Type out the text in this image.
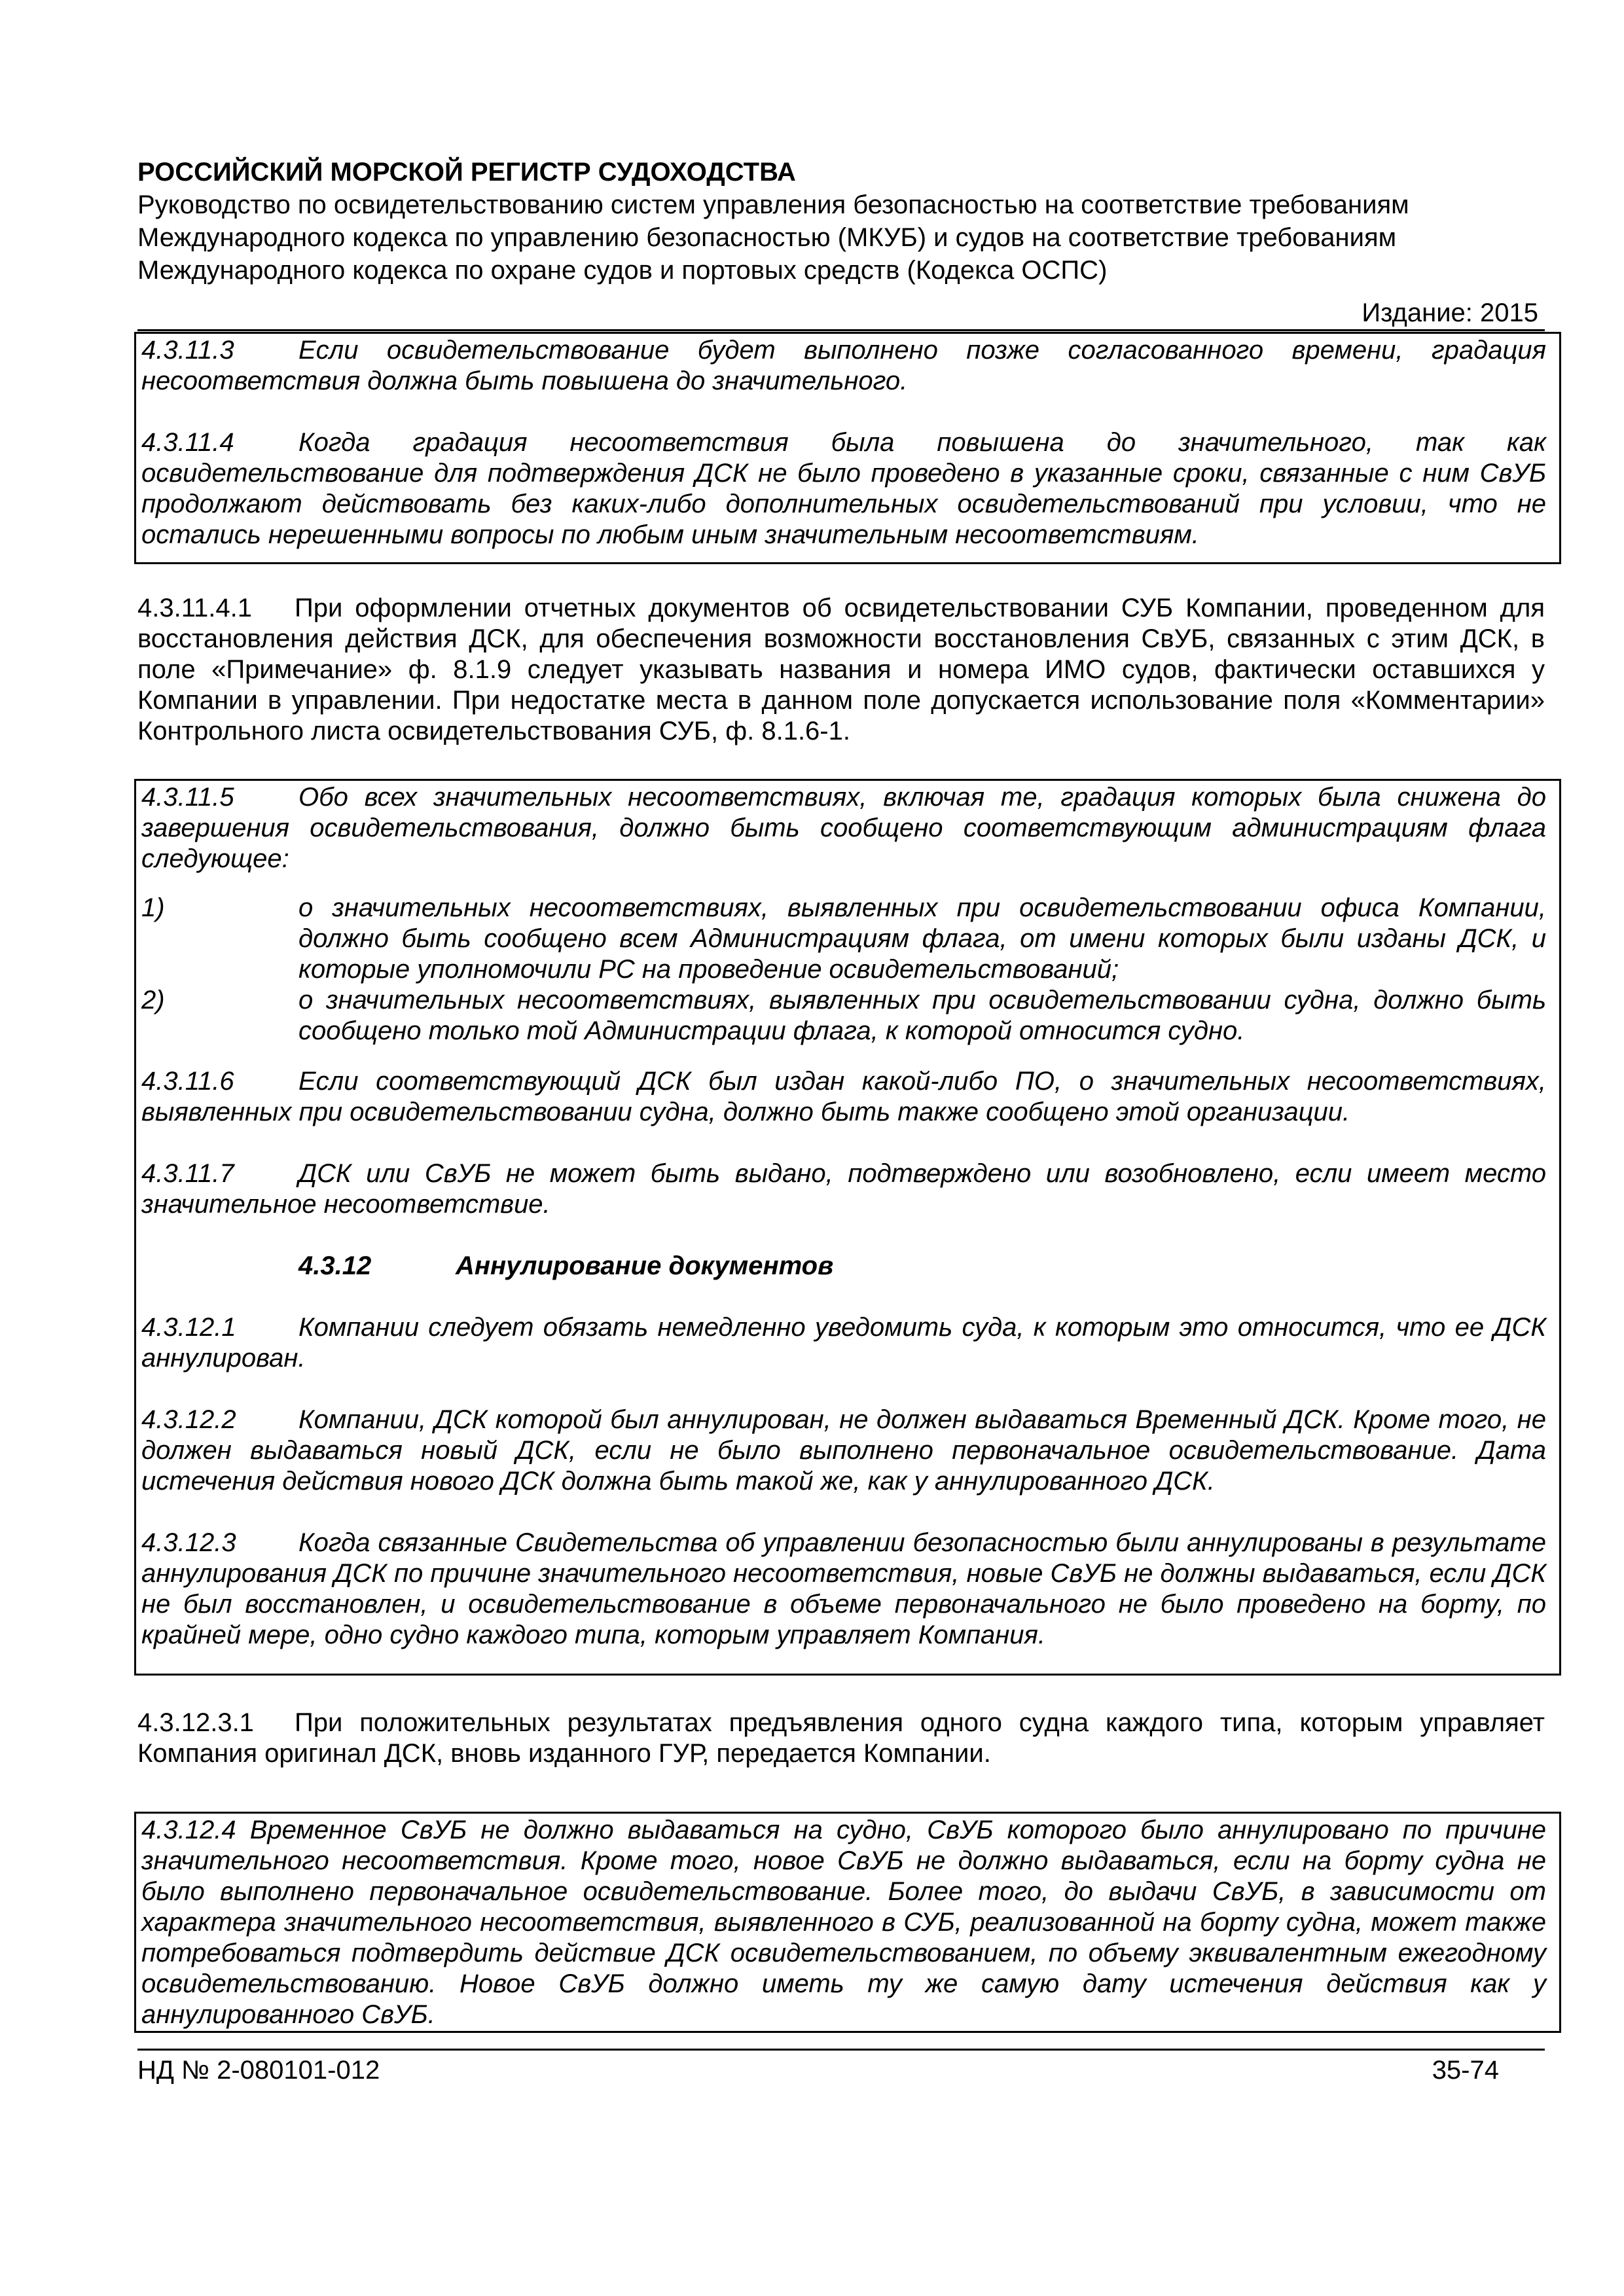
РОССИЙСКИЙ МОРСКОЙ РЕГИСТР СУДОХОДСТВА
Руководство по освидетельствованию систем управления безопасностью на соответствие требованиям
Международного кодекса по управлению безопасностью (МКУБ) и судов на соответствие требованиям
Международного кодекса по охране судов и портовых средств (Кодекса ОСПС)
Издание: 2015

4.3.11.3 Если освидетельствование будет выполнено позже согласованного времени, градация несоответствия должна быть повышена до значительного.

4.3.11.4 Когда градация несоответствия была повышена до значительного, так как освидетельствование для подтверждения ДСК не было проведено в указанные сроки, связанные с ним СвУБ продолжают действовать без каких-либо дополнительных освидетельствований при условии, что не остались нерешенными вопросы по любым иным значительным несоответствиям.

4.3.11.4.1 При оформлении отчетных документов об освидетельствовании СУБ Компании, проведенном для восстановления действия ДСК, для обеспечения возможности восстановления СвУБ, связанных с этим ДСК, в поле «Примечание» ф. 8.1.9 следует указывать названия и номера ИМО судов, фактически оставшихся у Компании в управлении. При недостатке места в данном поле допускается использование поля «Комментарии» Контрольного листа освидетельствования СУБ, ф. 8.1.6-1.

4.3.11.5 Обо всех значительных несоответствиях, включая те, градация которых была снижена до завершения освидетельствования, должно быть сообщено соответствующим администрациям флага следующее:

1)	о значительных несоответствиях, выявленных при освидетельствовании офиса Компании, должно быть сообщено всем Администрациям флага, от имени которых были изданы ДСК, и которые уполномочили РС на проведение освидетельствований;
2)	о значительных несоответствиях, выявленных при освидетельствовании судна, должно быть сообщено только той Администрации флага, к которой относится судно.

4.3.11.6 Если соответствующий ДСК был издан какой-либо ПО, о значительных несоответствиях, выявленных при освидетельствовании судна, должно быть также сообщено этой организации.

4.3.11.7 ДСК или СвУБ не может быть выдано, подтверждено или возобновлено, если имеет место значительное несоответствие.

4.3.12	Аннулирование документов

4.3.12.1 Компании следует обязать немедленно уведомить суда, к которым это относится, что ее ДСК аннулирован.

4.3.12.2 Компании, ДСК которой был аннулирован, не должен выдаваться Временный ДСК. Кроме того, не должен выдаваться новый ДСК, если не было выполнено первоначальное освидетельствование. Дата истечения действия нового ДСК должна быть такой же, как у аннулированного ДСК.

4.3.12.3 Когда связанные Свидетельства об управлении безопасностью были аннулированы в результате аннулирования ДСК по причине значительного несоответствия, новые СвУБ не должны выдаваться, если ДСК не был восстановлен, и освидетельствование в объеме первоначального не было проведено на борту, по крайней мере, одно судно каждого типа, которым управляет Компания.

4.3.12.3.1 При положительных результатах предъявления одного судна каждого типа, которым управляет Компания оригинал ДСК, вновь изданного ГУР, передается Компании.

4.3.12.4 Временное СвУБ не должно выдаваться на судно, СвУБ которого было аннулировано по причине значительного несоответствия. Кроме того, новое СвУБ не должно выдаваться, если на борту судна не было выполнено первоначальное освидетельствование. Более того, до выдачи СвУБ, в зависимости от характера значительного несоответствия, выявленного в СУБ, реализованной на борту судна, может также потребоваться подтвердить действие ДСК освидетельствованием, по объему эквивалентным ежегодному освидетельствованию. Новое СвУБ должно иметь ту же самую дату истечения действия как у аннулированного СвУБ.

НД № 2-080101-012	35-74
